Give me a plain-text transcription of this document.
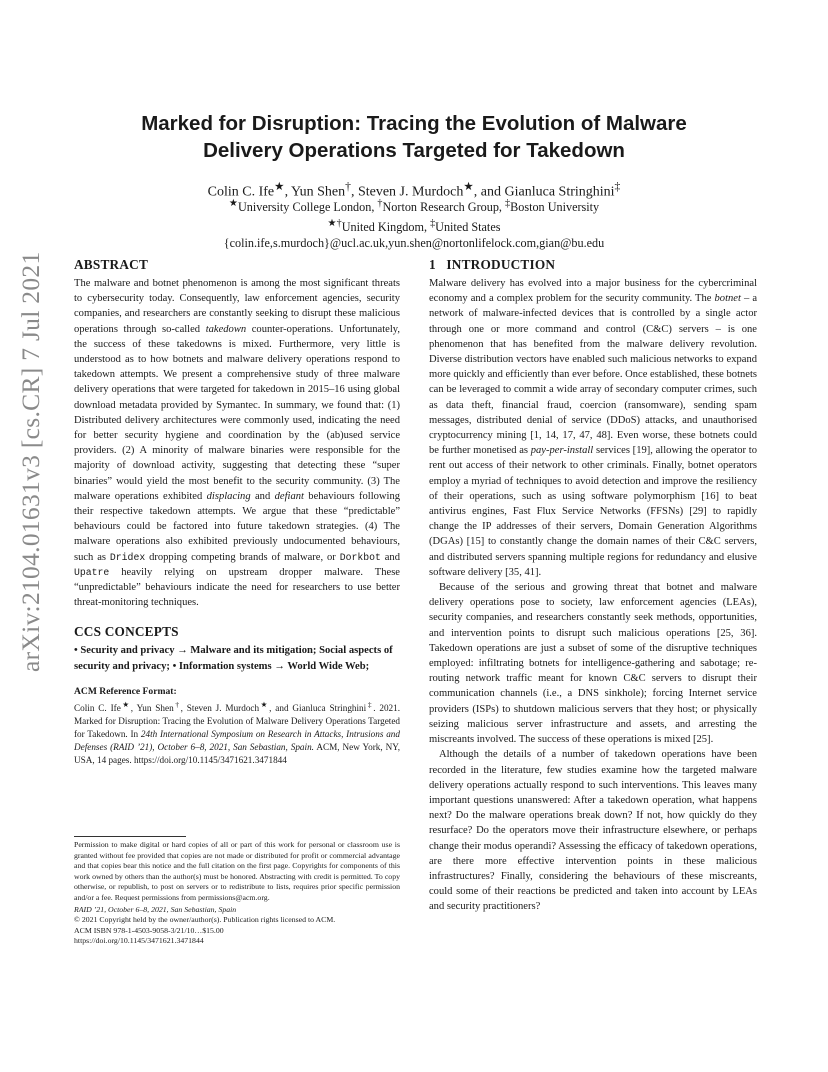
arXiv:2104.01631v3 [cs.CR] 7 Jul 2021
Marked for Disruption: Tracing the Evolution of Malware
Delivery Operations Targeted for Takedown
Colin C. Ife★, Yun Shen†, Steven J. Murdoch★, and Gianluca Stringhini‡
★University College London, †Norton Research Group, ‡Boston University
★†United Kingdom, ‡United States
{colin.ife,s.murdoch}@ucl.ac.uk,yun.shen@nortonlifelock.com,gian@bu.edu
ABSTRACT

The malware and botnet phenomenon is among the most significant threats to cybersecurity today. Consequently, law enforcement agencies, security companies, and researchers are constantly seeking to disrupt these malicious operations through so-called takedown counter-operations. Unfortunately, the success of these takedowns is mixed. Furthermore, very little is understood as to how botnets and malware delivery operations respond to takedown attempts. We present a comprehensive study of three malware delivery operations that were targeted for takedown in 2015–16 using global download metadata provided by Symantec. In summary, we found that: (1) Distributed delivery architectures were commonly used, indicating the need for better security hygiene and coordination by the (ab)used service providers. (2) A minority of malware binaries were responsible for the majority of download activity, suggesting that detecting these “super binaries” would yield the most benefit to the security community. (3) The malware operations exhibited displacing and defiant behaviours following their respective takedown attempts. We argue that these “predictable” behaviours could be factored into future takedown strategies. (4) The malware operations also exhibited previously undocumented behaviours, such as Dridex dropping competing brands of malware, or Dorkbot and Upatre heavily relying on upstream dropper malware. These “unpredictable” behaviours indicate the need for researchers to use better threat-monitoring techniques.

CCS CONCEPTS

• Security and privacy → Malware and its mitigation; Social aspects of security and privacy; • Information systems → World Wide Web;

ACM Reference Format:

Colin C. Ife★, Yun Shen†, Steven J. Murdoch★, and Gianluca Stringhini‡. 2021. Marked for Disruption: Tracing the Evolution of Malware Delivery Operations Targeted for Takedown. In 24th International Symposium on Research in Attacks, Intrusions and Defenses (RAID ’21), October 6–8, 2021, San Sebastian, Spain. ACM, New York, NY, USA, 14 pages. https://doi.org/10.1145/3471621.3471844

Permission to make digital or hard copies of all or part of this work for personal or classroom use is granted without fee provided that copies are not made or distributed for profit or commercial advantage and that copies bear this notice and the full citation on the first page. Copyrights for components of this work owned by others than the author(s) must be honored. Abstracting with credit is permitted. To copy otherwise, or republish, to post on servers or to redistribute to lists, requires prior specific permission and/or a fee. Request permissions from permissions@acm.org.

RAID ’21, October 6–8, 2021, San Sebastian, Spain

© 2021 Copyright held by the owner/author(s). Publication rights licensed to ACM.

ACM ISBN 978-1-4503-9058-3/21/10…$15.00

https://doi.org/10.1145/3471621.3471844

1   INTRODUCTION

Malware delivery has evolved into a major business for the cybercriminal economy and a complex problem for the security community. The botnet – a network of malware-infected devices that is controlled by a single actor through one or more command and control (C&C) servers – is one phenomenon that has benefited from the malware delivery revolution. Diverse distribution vectors have enabled such malicious networks to expand more quickly and efficiently than ever before. Once established, these botnets can be leveraged to commit a wide array of secondary computer crimes, such as data theft, financial fraud, coercion (ransomware), sending spam messages, distributed denial of service (DDoS) attacks, and unauthorised cryptocurrency mining [1, 14, 17, 47, 48]. Even worse, these botnets could be further monetised as pay-per-install services [19], allowing the operator to rent out access of their network to other criminals. Finally, botnet operators employ a myriad of techniques to avoid detection and improve the resiliency of their operations, such as using software polymorphism [16] to beat antivirus engines, Fast Flux Service Networks (FFSNs) [29] to rapidly change the IP addresses of their servers, Domain Generation Algorithms (DGAs) [15] to constantly change the domain names of their C&C servers, and distributed servers spanning multiple regions for redundancy and elusive software delivery [35, 41].

Because of the serious and growing threat that botnet and malware delivery operations pose to society, law enforcement agencies (LEAs), security companies, and researchers constantly seek methods, opportunities, and intervention points to disrupt such malicious operations [25, 36]. Takedown operations are just a subset of some of the disruptive techniques employed: infiltrating botnets for intelligence-gathering and sabotage; re-routing network traffic meant for known C&C servers to disrupt their communication channels (i.e., a DNS sinkhole); forcing Internet service providers (ISPs) to shutdown malicious servers that they host; or physically seizing malicious server infrastructure and assets, and arresting the miscreants involved. The success of these operations is mixed [25].

Although the details of a number of takedown operations have been recorded in the literature, few studies examine how the targeted malware delivery operations actually respond to such interventions. This leaves many important questions unanswered: After a takedown operation, what happens next? Do the malware operations break down? If not, how quickly do they resurface? Do the operators move their infrastructure elsewhere, or perhaps change their modus operandi? Assessing the efficacy of takedown operations, are there more effective intervention points in these malicious infrastructures? Finally, considering the behaviours of these miscreants, could some of their reactions be predicted and taken into account by LEAs and security practitioners?
